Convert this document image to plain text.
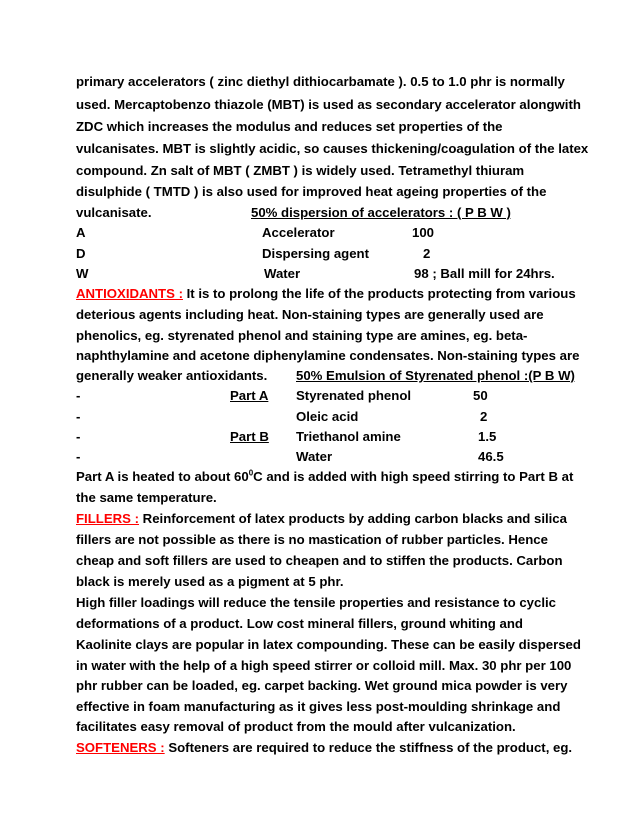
primary accelerators ( zinc diethyl dithiocarbamate ). 0.5 to 1.0 phr is normally
used. Mercaptobenzo thiazole (MBT) is used as secondary accelerator alongwith
ZDC which increases the modulus and reduces set properties of the
vulcanisates. MBT is slightly acidic, so causes thickening/coagulation of the latex
compound. Zn salt of MBT ( ZMBT ) is widely used. Tetramethyl thiuram
disulphide ( TMTD ) is also used for improved heat ageing properties of the
vulcanisate.	50% dispersion of accelerators : ( P B W )
A	Accelerator	100
D	Dispersing agent	2
W	Water	98 ; Ball mill for 24hrs.
ANTIOXIDANTS : It is to prolong the life of the products protecting from various
deterious agents including heat. Non-staining types are generally used are
phenolics, eg. styrenated phenol and staining type are amines, eg. beta-
naphthylamine and acetone diphenylamine condensates. Non-staining types are
generally weaker antioxidants. 50% Emulsion of Styrenated phenol :(P B W)
-	Part A Styrenated phenol	50
-	Oleic acid	2
-	Part B Triethanol amine	1.5
-	Water	46.5
Part A is heated to about $60^0C$ and is added with high speed stirring to Part B at
the same temperature.
FILLERS : Reinforcement of latex products by adding carbon blacks and silica
fillers are not possible as there is no mastication of rubber particles. Hence
cheap and soft fillers are used to cheapen and to stiffen the products. Carbon
black is merely used as a pigment at 5 phr.
High filler loadings will reduce the tensile properties and resistance to cyclic
deformations of a product. Low cost mineral fillers, ground whiting and
Kaolinite clays are popular in latex compounding. These can be easily dispersed
in water with the help of a high speed stirrer or colloid mill. Max. 30 phr per 100
phr rubber can be loaded, eg. carpet backing. Wet ground mica powder is very
effective in foam manufacturing as it gives less post-moulding shrinkage and
facilitates easy removal of product from the mould after vulcanization.
SOFTENERS : Softeners are required to reduce the stiffness of the product, eg.
